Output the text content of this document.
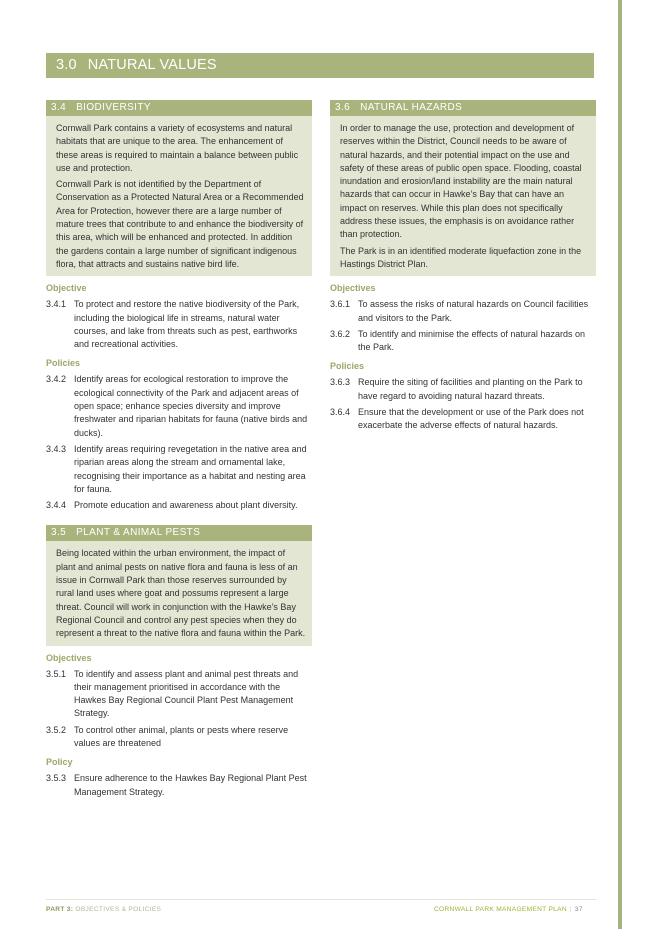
3.0 NATURAL VALUES
3.4 BIODIVERSITY

Cornwall Park contains a variety of ecosystems and natural habitats that are unique to the area. The enhancement of these areas is required to maintain a balance between public use and protection.

Cornwall Park is not identified by the Department of Conservation as a Protected Natural Area or a Recommended Area for Protection, however there are a large number of mature trees that contribute to and enhance the biodiversity of this area, which will be enhanced and protected. In addition the gardens contain a large number of significant indigenous flora, that attracts and sustains native bird life.

Objective
3.4.1 To protect and restore the native biodiversity of the Park, including the biological life in streams, natural water courses, and lake from threats such as pest, earthworks and recreational activities.
Policies
3.4.2 Identify areas for ecological restoration to improve the ecological connectivity of the Park and adjacent areas of open space; enhance species diversity and improve freshwater and riparian habitats for fauna (native birds and ducks).
3.4.3 Identify areas requiring revegetation in the native area and riparian areas along the stream and ornamental lake, recognising their importance as a habitat and nesting area for fauna.
3.4.4 Promote education and awareness about plant diversity.
3.5 PLANT & ANIMAL PESTS

Being located within the urban environment, the impact of plant and animal pests on native flora and fauna is less of an issue in Cornwall Park than those reserves surrounded by rural land uses where goat and possums represent a large threat. Council will work in conjunction with the Hawke’s Bay Regional Council and control any pest species when they do represent a threat to the native flora and fauna within the Park.

Objectives
3.5.1 To identify and assess plant and animal pest threats and their management prioritised in accordance with the Hawkes Bay Regional Council Plant Pest Management Strategy.
3.5.2 To control other animal, plants or pests where reserve values are threatened
Policy
3.5.3 Ensure adherence to the Hawkes Bay Regional Plant Pest Management Strategy.
3.6 NATURAL HAZARDS

In order to manage the use, protection and development of reserves within the District, Council needs to be aware of natural hazards, and their potential impact on the use and safety of these areas of public open space. Flooding, coastal inundation and erosion/land instability are the main natural hazards that can occur in Hawke’s Bay that can have an impact on reserves. While this plan does not specifically address these issues, the emphasis is on avoidance rather than protection.

The Park is in an identified moderate liquefaction zone in the Hastings District Plan.

Objectives
3.6.1 To assess the risks of natural hazards on Council facilities and visitors to the Park.
3.6.2 To identify and minimise the effects of natural hazards on the Park.
Policies
3.6.3 Require the siting of facilities and planting on the Park to have regard to avoiding natural hazard threats.
3.6.4 Ensure that the development or use of the Park does not exacerbate the adverse effects of natural hazards.
PART 3: OBJECTIVES & POLICIES	CORNWALL PARK MANAGEMENT PLAN | 37
